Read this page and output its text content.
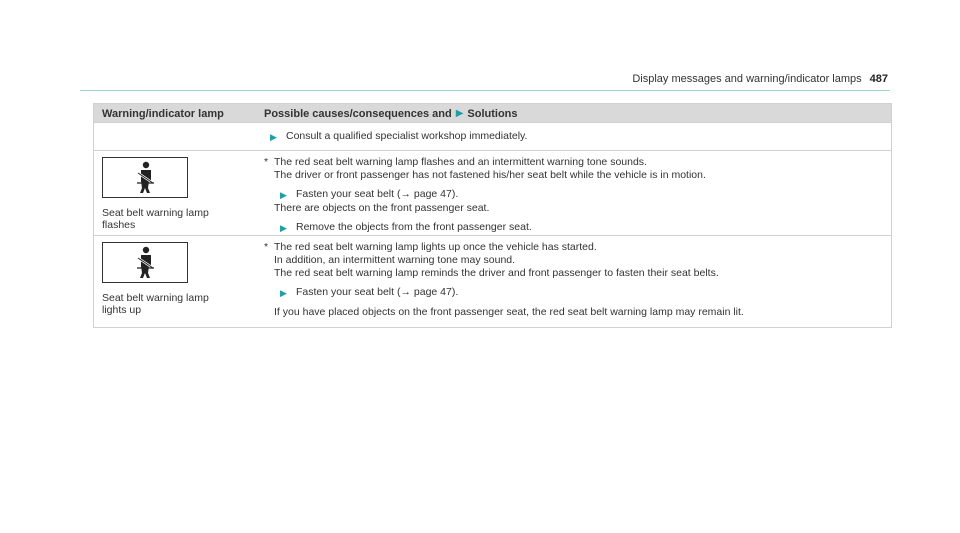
Display messages and warning/indicator lamps 487
Warning/indicator lamp	Possible causes/consequences and ▶ Solutions
▶ Consult a qualified specialist workshop immediately.
Seat belt warning lamp
flashes
* The red seat belt warning lamp flashes and an intermittent warning tone sounds.
The driver or front passenger has not fastened his/her seat belt while the vehicle is in motion.
▶ Fasten your seat belt (→ page 47).
There are objects on the front passenger seat.
▶ Remove the objects from the front passenger seat.
Seat belt warning lamp
lights up
* The red seat belt warning lamp lights up once the vehicle has started.
In addition, an intermittent warning tone may sound.
The red seat belt warning lamp reminds the driver and front passenger to fasten their seat belts.
▶ Fasten your seat belt (→ page 47).
If you have placed objects on the front passenger seat, the red seat belt warning lamp may remain lit.
